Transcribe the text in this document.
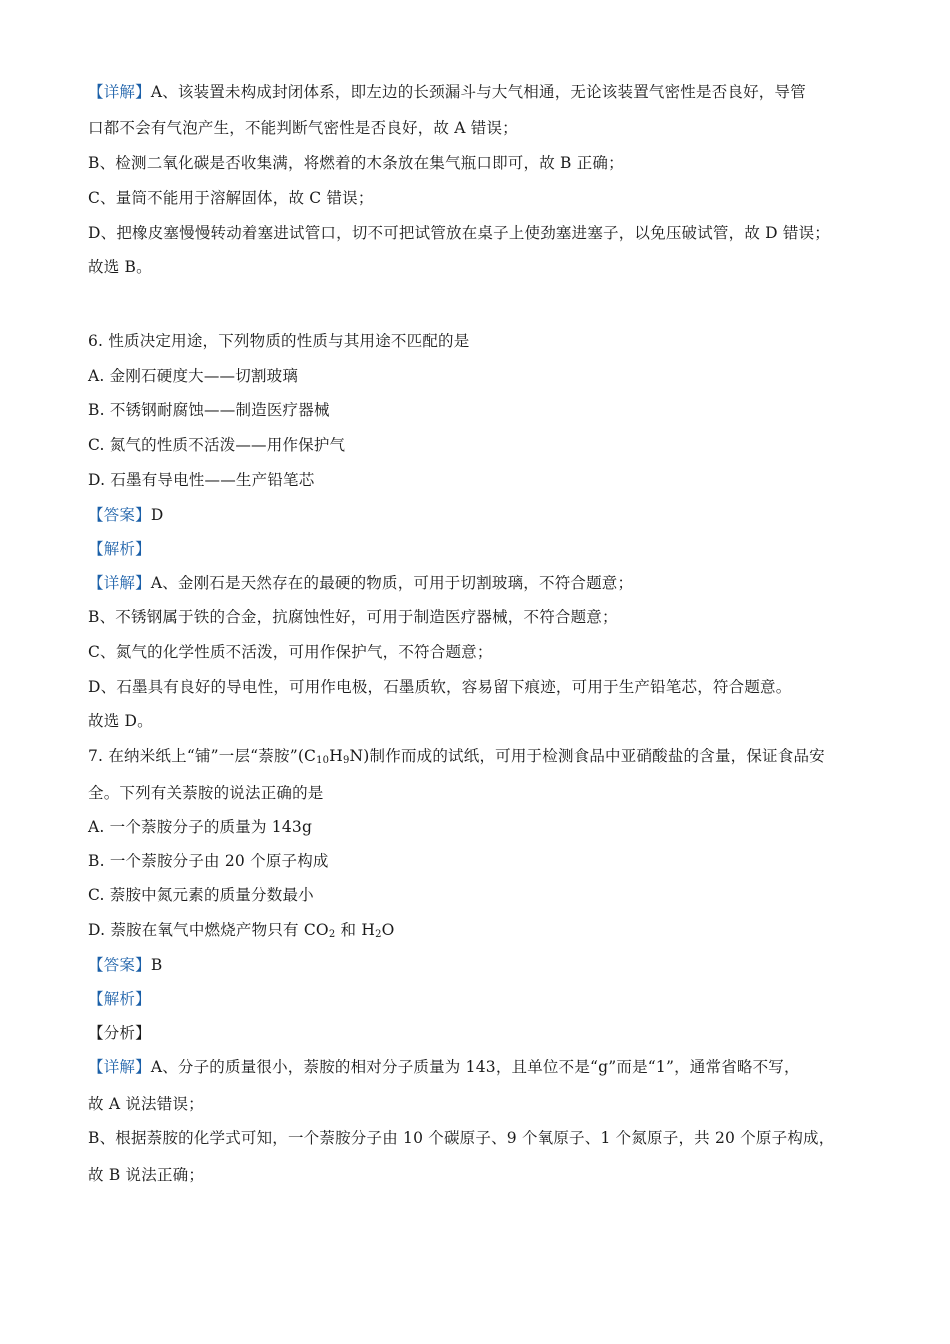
【详解】A、该装置未构成封闭体系，即左边的长颈漏斗与大气相通，无论该装置气密性是否良好，导管
口都不会有气泡产生，不能判断气密性是否良好，故 A 错误；
B、检测二氧化碳是否收集满，将燃着的木条放在集气瓶口即可，故 B 正确；
C、量筒不能用于溶解固体，故 C 错误；
D、把橡皮塞慢慢转动着塞进试管口，切不可把试管放在桌子上使劲塞进塞子，以免压破试管，故 D 错误；
故选 B。
6. 性质决定用途，下列物质的性质与其用途不匹配的是
A. 金刚石硬度大——切割玻璃
B. 不锈钢耐腐蚀——制造医疗器械
C. 氮气的性质不活泼——用作保护气
D. 石墨有导电性——生产铅笔芯
【答案】D
【解析】
【详解】A、金刚石是天然存在的最硬的物质，可用于切割玻璃，不符合题意；
B、不锈钢属于铁的合金，抗腐蚀性好，可用于制造医疗器械，不符合题意；
C、氮气的化学性质不活泼，可用作保护气，不符合题意；
D、石墨具有良好的导电性，可用作电极，石墨质软，容易留下痕迹，可用于生产铅笔芯，符合题意。
故选 D。
7. 在纳米纸上“铺”一层“萘胺$”(C_{10}H_9N)$制作而成的试纸，可用于检测食品中亚硝酸盐的含量，保证食品安
全。下列有关萘胺的说法正确的是
A. 一个萘胺分子的质量为 143g
B. 一个萘胺分子由 20 个原子构成
C. 萘胺中氮元素的质量分数最小
D. 萘胺在氧气中燃烧产物只有 $CO_2$ 和 $H_2O$
【答案】B
【解析】
【分析】
【详解】A、分子的质量很小，萘胺的相对分子质量为 143，且单位不是“g”而是“1”，通常省略不写，
故 A 说法错误；
B、根据萘胺的化学式可知，一个萘胺分子由 10 个碳原子、9 个氧原子、1 个氮原子，共 20 个原子构成，
故 B 说法正确；
